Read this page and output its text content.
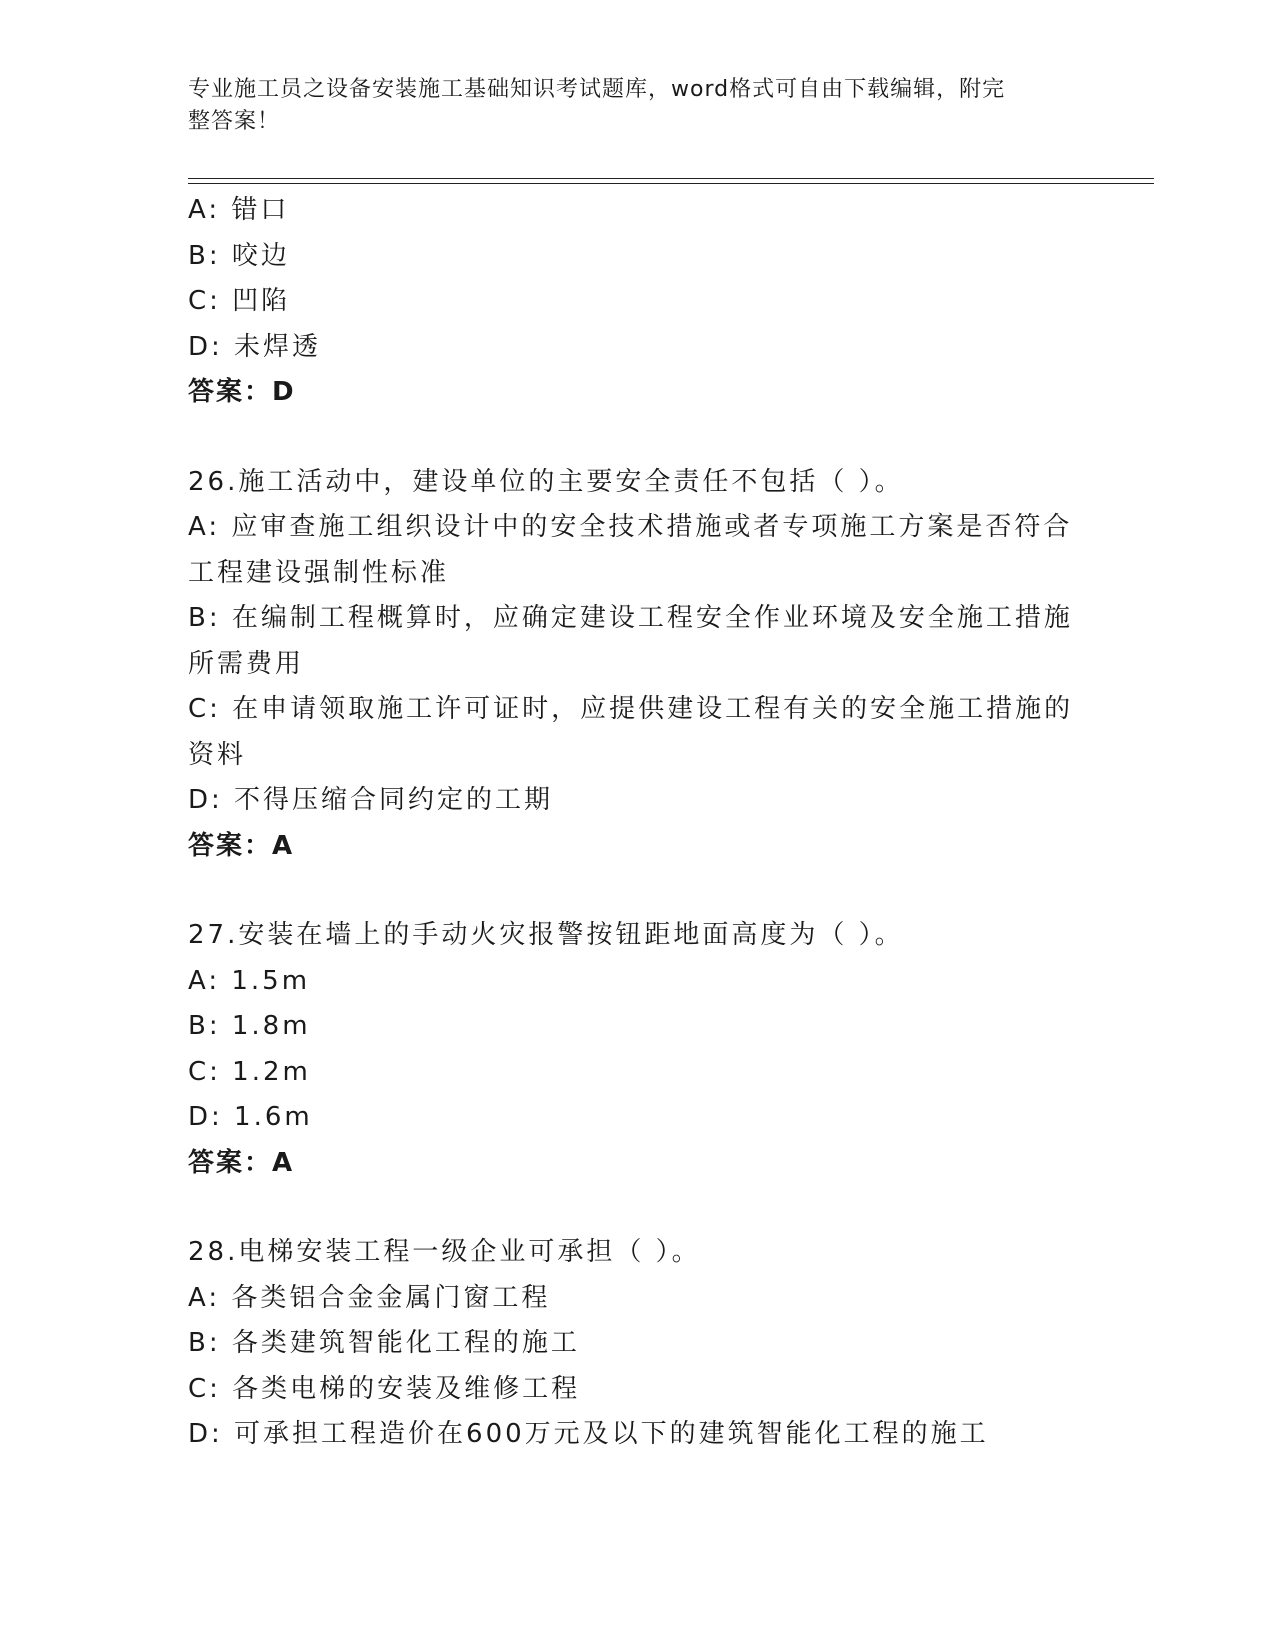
专业施工员之设备安装施工基础知识考试题库，word格式可自由下载编辑，附完
整答案！
A: 错口
B: 咬边
C: 凹陷
D: 未焊透
答案：D
26.施工活动中，建设单位的主要安全责任不包括（ ）。
A: 应审查施工组织设计中的安全技术措施或者专项施工方案是否符合
工程建设强制性标准
B: 在编制工程概算时，应确定建设工程安全作业环境及安全施工措施
所需费用
C: 在申请领取施工许可证时，应提供建设工程有关的安全施工措施的
资料
D: 不得压缩合同约定的工期
答案：A
27.安装在墙上的手动火灾报警按钮距地面高度为（ ）。
A: 1.5m
B: 1.8m
C: 1.2m
D: 1.6m
答案：A
28.电梯安装工程一级企业可承担（ ）。
A: 各类铝合金金属门窗工程
B: 各类建筑智能化工程的施工
C: 各类电梯的安装及维修工程
D: 可承担工程造价在600万元及以下的建筑智能化工程的施工
